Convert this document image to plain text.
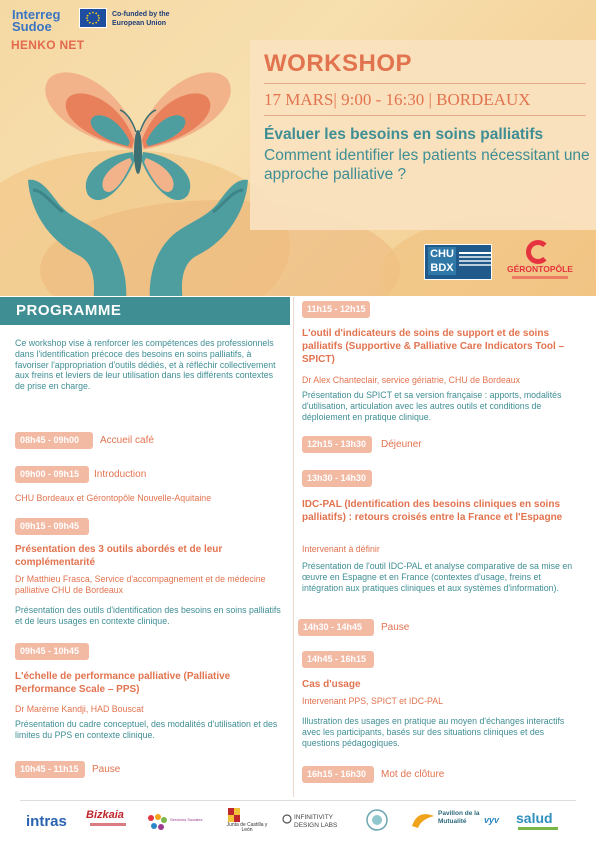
Interreg
Sudoe
Co-funded by the European Union
HENKO NET
WORKSHOP
17 MARS| 9:00 - 16:30 | BORDEAUX
Évaluer les besoins en soins palliatifs
Comment identifier les patients nécessitant une approche palliative ?
CHU
BDX	GÉRONTOPÔLE
PROGRAMME
Ce workshop vise à renforcer les compétences des professionnels dans l'identification précoce des besoins en soins palliatifs, à favoriser l'appropriation d'outils dédiés, et à réfléchir collectivement aux freins et leviers de leur utilisation dans les différents contextes de prise en charge.
08h45 - 09h00	Accueil café
09h00 - 09h15	Introduction
CHU Bordeaux et Gérontopôle Nouvelle-Aquitaine
09h15 - 09h45
Présentation des 3 outils abordés et de leur complémentarité
Dr Matthieu Frasca, Service d'accompagnement et de médecine palliative CHU de Bordeaux
Présentation des outils d'identification des besoins en soins palliatifs et de leurs usages en contexte clinique.
09h45 - 10h45
L'échelle de performance palliative (Palliative Performance Scale – PPS)
Dr Marème Kandji, HAD Bouscat
Présentation du cadre conceptuel, des modalités d'utilisation et des limites du PPS en contexte clinique.
10h45 - 11h15	Pause
11h15 - 12h15
L'outil d'indicateurs de soins de support et de soins palliatifs (Supportive & Palliative Care Indicators Tool – SPICT)
Dr Alex Chanteclair, service gériatrie, CHU de Bordeaux
Présentation du SPICT et sa version française : apports, modalités d'utilisation, articulation avec les autres outils et conditions de déploiement en pratique clinique.
12h15 - 13h30	Déjeuner
13h30 - 14h30
IDC-PAL (Identification des besoins cliniques en soins palliatifs) : retours croisés entre la France et l'Espagne
Intervenant à définir
Présentation de l'outil IDC-PAL et analyse comparative de sa mise en œuvre en Espagne et en France (contextes d'usage, freins et intégration aux pratiques cliniques et aux systèmes d'information).
14h30 - 14h45	Pause
14h45 - 16h15
Cas d'usage
Intervenant PPS, SPICT et IDC-PAL
Illustration des usages en pratique au moyen d'échanges interactifs avec les participants, basés sur des situations cliniques et des questions pédagogiques.
16h15 - 16h30	Mot de clôture
intras Bizkaia	Servicios Sociales
Junta de Castilla y León
INFINITIVITY DESIGN LABS
Pavillon de la Mutualité	vyv salud
